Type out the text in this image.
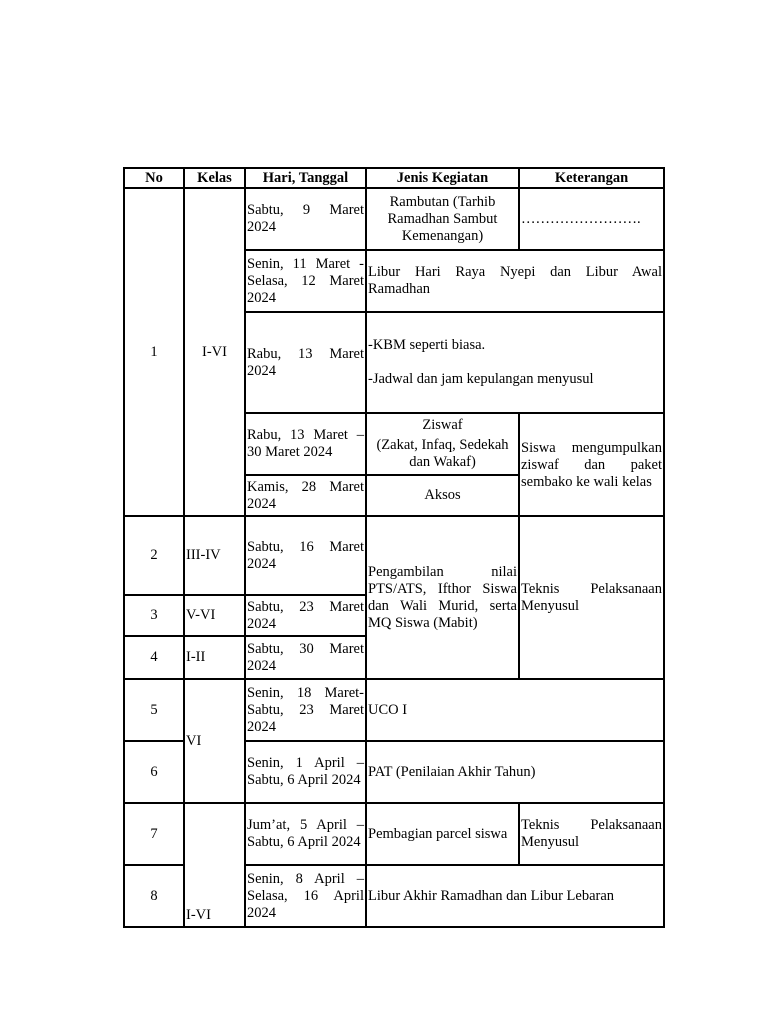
No	Kelas	Hari, Tanggal	Jenis Kegiatan	Keterangan
1	I-VI	Sabtu, 9 Maret
2024	Rambutan (Tarhib Ramadhan Sambut Kemenangan)	…………………….

		Senin, 11 Maret -
Selasa, 12 Maret
2024	Libur Hari Raya Nyepi dan Libur Awal
Ramadhan	

		Rabu, 13 Maret
2024	-KBM seperti biasa.
-Jadwal dan jam kepulangan menyusul	

		Rabu, 13 Maret –
30 Maret 2024	Ziswaf
(Zakat, Infaq, Sedekah dan Wakaf)	Siswa mengumpulkan
ziswaf dan paket
sembako ke wali kelas

		Kamis, 28 Maret
2024	Aksos	
2	III-IV	Sabtu, 16 Maret
2024	Pengambilan nilai
PTS/ATS, Ifthor Siswa
dan Wali Murid, serta
MQ Siswa (Mabit)	Teknis Pelaksanaan
Menyusul

3	V-VI	Sabtu, 23 Maret
2024		

4	I-II	Sabtu, 30 Maret
2024		

5	VI	Senin, 18 Maret-
Sabtu, 23 Maret
2024	UCO I	
6		Senin, 1 April –
Sabtu, 6 April 2024	PAT (Penilaian Akhir Tahun)	
7	I-VI	Jum’at, 5 April –
Sabtu, 6 April 2024	Pembagian parcel siswa	Teknis Pelaksanaan
Menyusul

8		Senin, 8 April –
Selasa, 16 April
2024	Libur Akhir Ramadhan dan Libur Lebaran	
